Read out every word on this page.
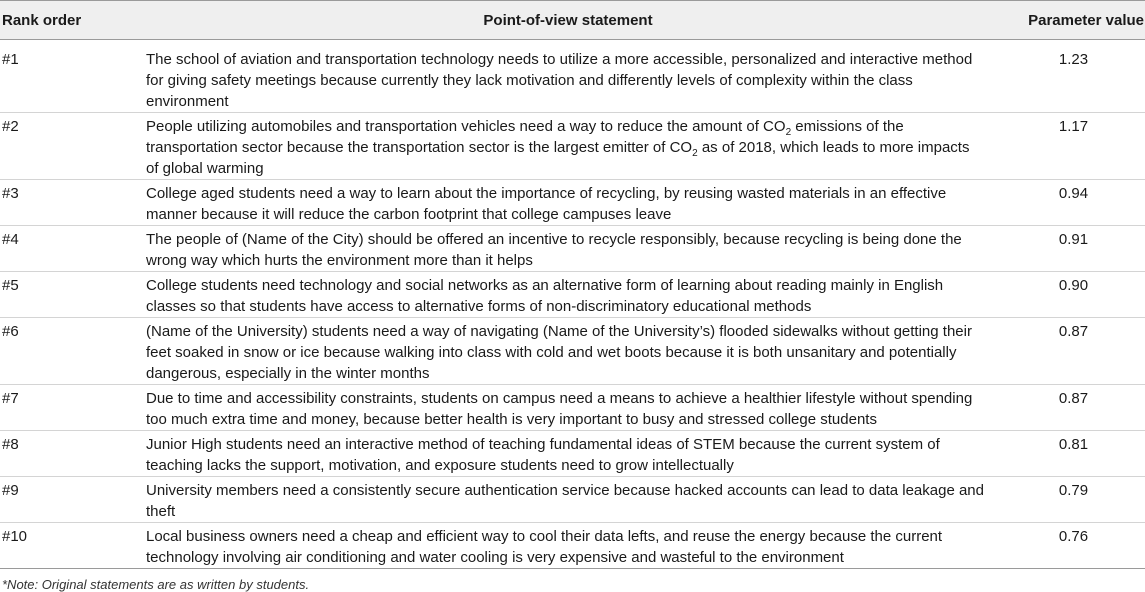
Rank order	Point-of-view statement	Parameter value
#1	The school of aviation and transportation technology needs to utilize a more accessible, personalized and interactive method for giving safety meetings because currently they lack motivation and differently levels of complexity within the class environment	1.23
#2	People utilizing automobiles and transportation vehicles need a way to reduce the amount of $CO_2$ emissions of the transportation sector because the transportation sector is the largest emitter of $CO_2$ as of 2018, which leads to more impacts of global warming	1.17
#3	College aged students need a way to learn about the importance of recycling, by reusing wasted materials in an effective manner because it will reduce the carbon footprint that college campuses leave	0.94
#4	The people of (Name of the City) should be offered an incentive to recycle responsibly, because recycling is being done the wrong way which hurts the environment more than it helps	0.91
#5	College students need technology and social networks as an alternative form of learning about reading mainly in English classes so that students have access to alternative forms of non-discriminatory educational methods	0.90
#6	(Name of the University) students need a way of navigating (Name of the University’s) flooded sidewalks without getting their feet soaked in snow or ice because walking into class with cold and wet boots because it is both unsanitary and potentially dangerous, especially in the winter months	0.87
#7	Due to time and accessibility constraints, students on campus need a means to achieve a healthier lifestyle without spending too much extra time and money, because better health is very important to busy and stressed college students	0.87
#8	Junior High students need an interactive method of teaching fundamental ideas of STEM because the current system of teaching lacks the support, motivation, and exposure students need to grow intellectually	0.81
#9	University members need a consistently secure authentication service because hacked accounts can lead to data leakage and theft	0.79
#10	Local business owners need a cheap and efficient way to cool their data lefts, and reuse the energy because the current technology involving air conditioning and water cooling is very expensive and wasteful to the environment	0.76
*Note: Original statements are as written by students.
